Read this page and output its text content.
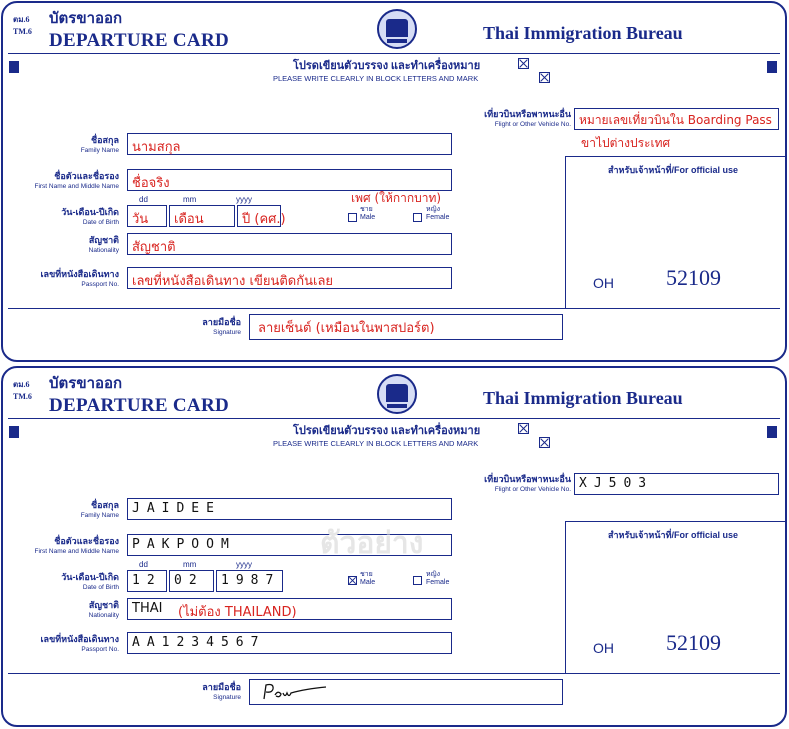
ตม.6
TM.6
บัตรขาออก
DEPARTURE CARD	Thai Immigration Bureau
โปรดเขียนตัวบรรจง และทำเครื่องหมาย
PLEASE WRITE CLEARLY IN BLOCK LETTERS AND MARK
เที่ยวบินหรือพาหนะอื่น
Flight or Other Vehicle No. หมายเลขเที่ยวบินใน Boarding Pass
ขาไปต่างประเทศ
ชื่อสกุล
Family Name นามสกุล
ชื่อตัวและชื่อรอง
First Name and Middle Name ชื่อจริง
dd	mm	yyyy	เพศ (ให้กากบาท)
วัน-เดือน-ปีเกิด
Date of Birth วัน เดือน	ปี (คศ.)
ชาย
Male
หญิง
Female
สัญชาติ
Nationality สัญชาติ
เลขที่หนังสือเดินทาง
Passport No. เลขที่หนังสือเดินทาง เขียนติดกันเลย
สำหรับเจ้าหน้าที่/For official use
OH 52109
ลายมือชื่อ
Signature ลายเซ็นต์ (เหมือนในพาสปอร์ต)
ตม.6
TM.6
บัตรขาออก
DEPARTURE CARD	Thai Immigration Bureau
โปรดเขียนตัวบรรจง และทำเครื่องหมาย
PLEASE WRITE CLEARLY IN BLOCK LETTERS AND MARK
เที่ยวบินหรือพาหนะอื่น
Flight or Other Vehicle No. XJ503
ชื่อสกุล
Family Name JAIDEE
ชื่อตัวและชื่อรอง
First Name and Middle Name PAKPOOM
dd	mm	yyyy
วัน-เดือน-ปีเกิด
Date of Birth 12 02 1987	ชาย
Male
หญิง
Female
สัญชาติ
Nationality THAI (ไม่ต้อง THAILAND)
เลขที่หนังสือเดินทาง
Passport No. AA1234567
สำหรับเจ้าหน้าที่/For official use
OH 52109
ลายมือชื่อ
Signature
ตัวอย่าง
